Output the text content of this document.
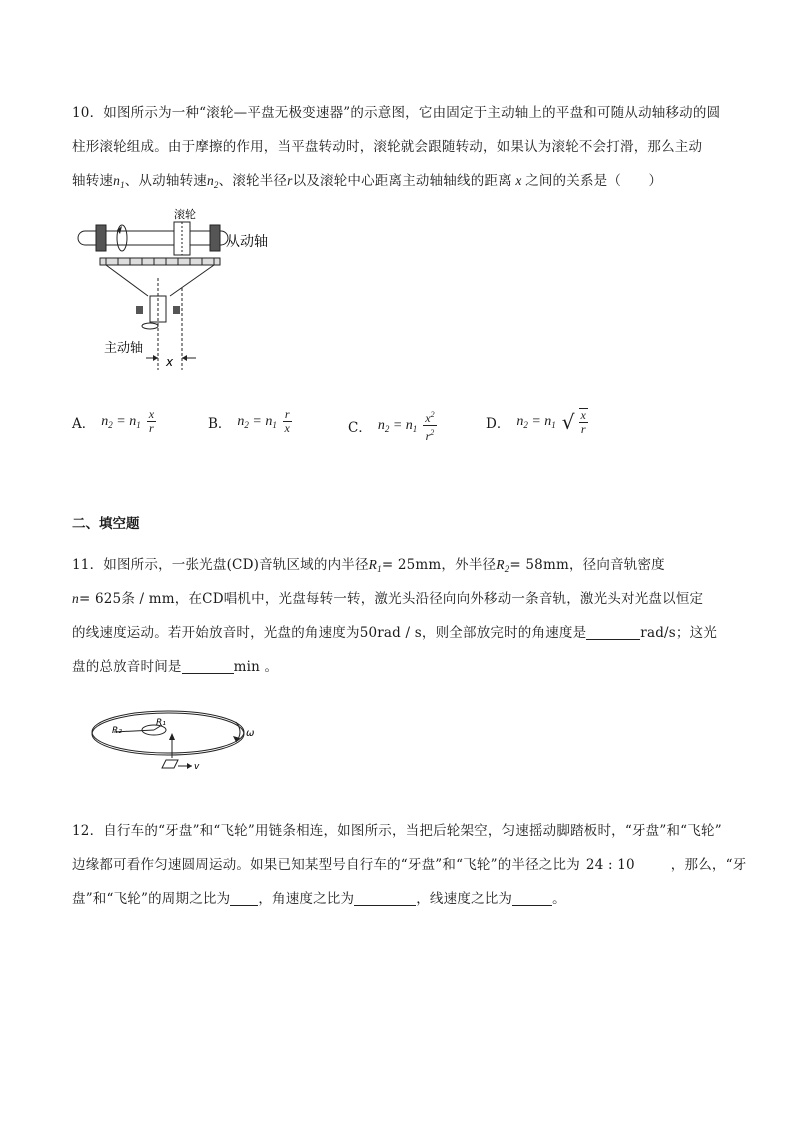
10．如图所示为一种“滚轮—平盘无极变速器”的示意图，它由固定于主动轴上的平盘和可随从动轴移动的圆
柱形滚轮组成。由于摩擦的作用，当平盘转动时，滚轮就会跟随转动，如果认为滚轮不会打滑，那么主动
轴转速$n_1$、从动轴转速$n_2$、滚轮半径r以及滚轮中心距离主动轴轴线的距离 x 之间的关系是（　　）
x
滚轮
从动轴
主动轴
A． $n_2 = n_1 \frac{x}{r}$	B． $n_2 = n_1 \frac{r}{x}$	C． $n_2 = n_1 \frac{x^2}{r^2}$	D． $n_2 = n_1$ √ $\frac{x}{r}$
二、填空题
11．如图所示，一张光盘(CD)音轨区域的内半径$R_1= 25mm$，外半径$R_2= 58mm$，径向音轨密度
n= 625条 / mm，在CD唱机中，光盘每转一转，激光头沿径向向外移动一条音轨，激光头对光盘以恒定
的线速度运动。若开始放音时，光盘的角速度为50rad / s，则全部放完时的角速度是	rad/s；这光
盘的总放音时间是	min 。
R₂
R₁
v
ω
12．自行车的“牙盘”和“飞轮”用链条相连，如图所示，当把后轮架空，匀速摇动脚踏板时，“牙盘”和“飞轮”
边缘都可看作匀速圆周运动。如果已知某型号自行车的“牙盘”和“飞轮”的半径之比为 24 : 10	，那么，“牙
盘”和“飞轮”的周期之比为 ，角速度之比为	，线速度之比为	。
